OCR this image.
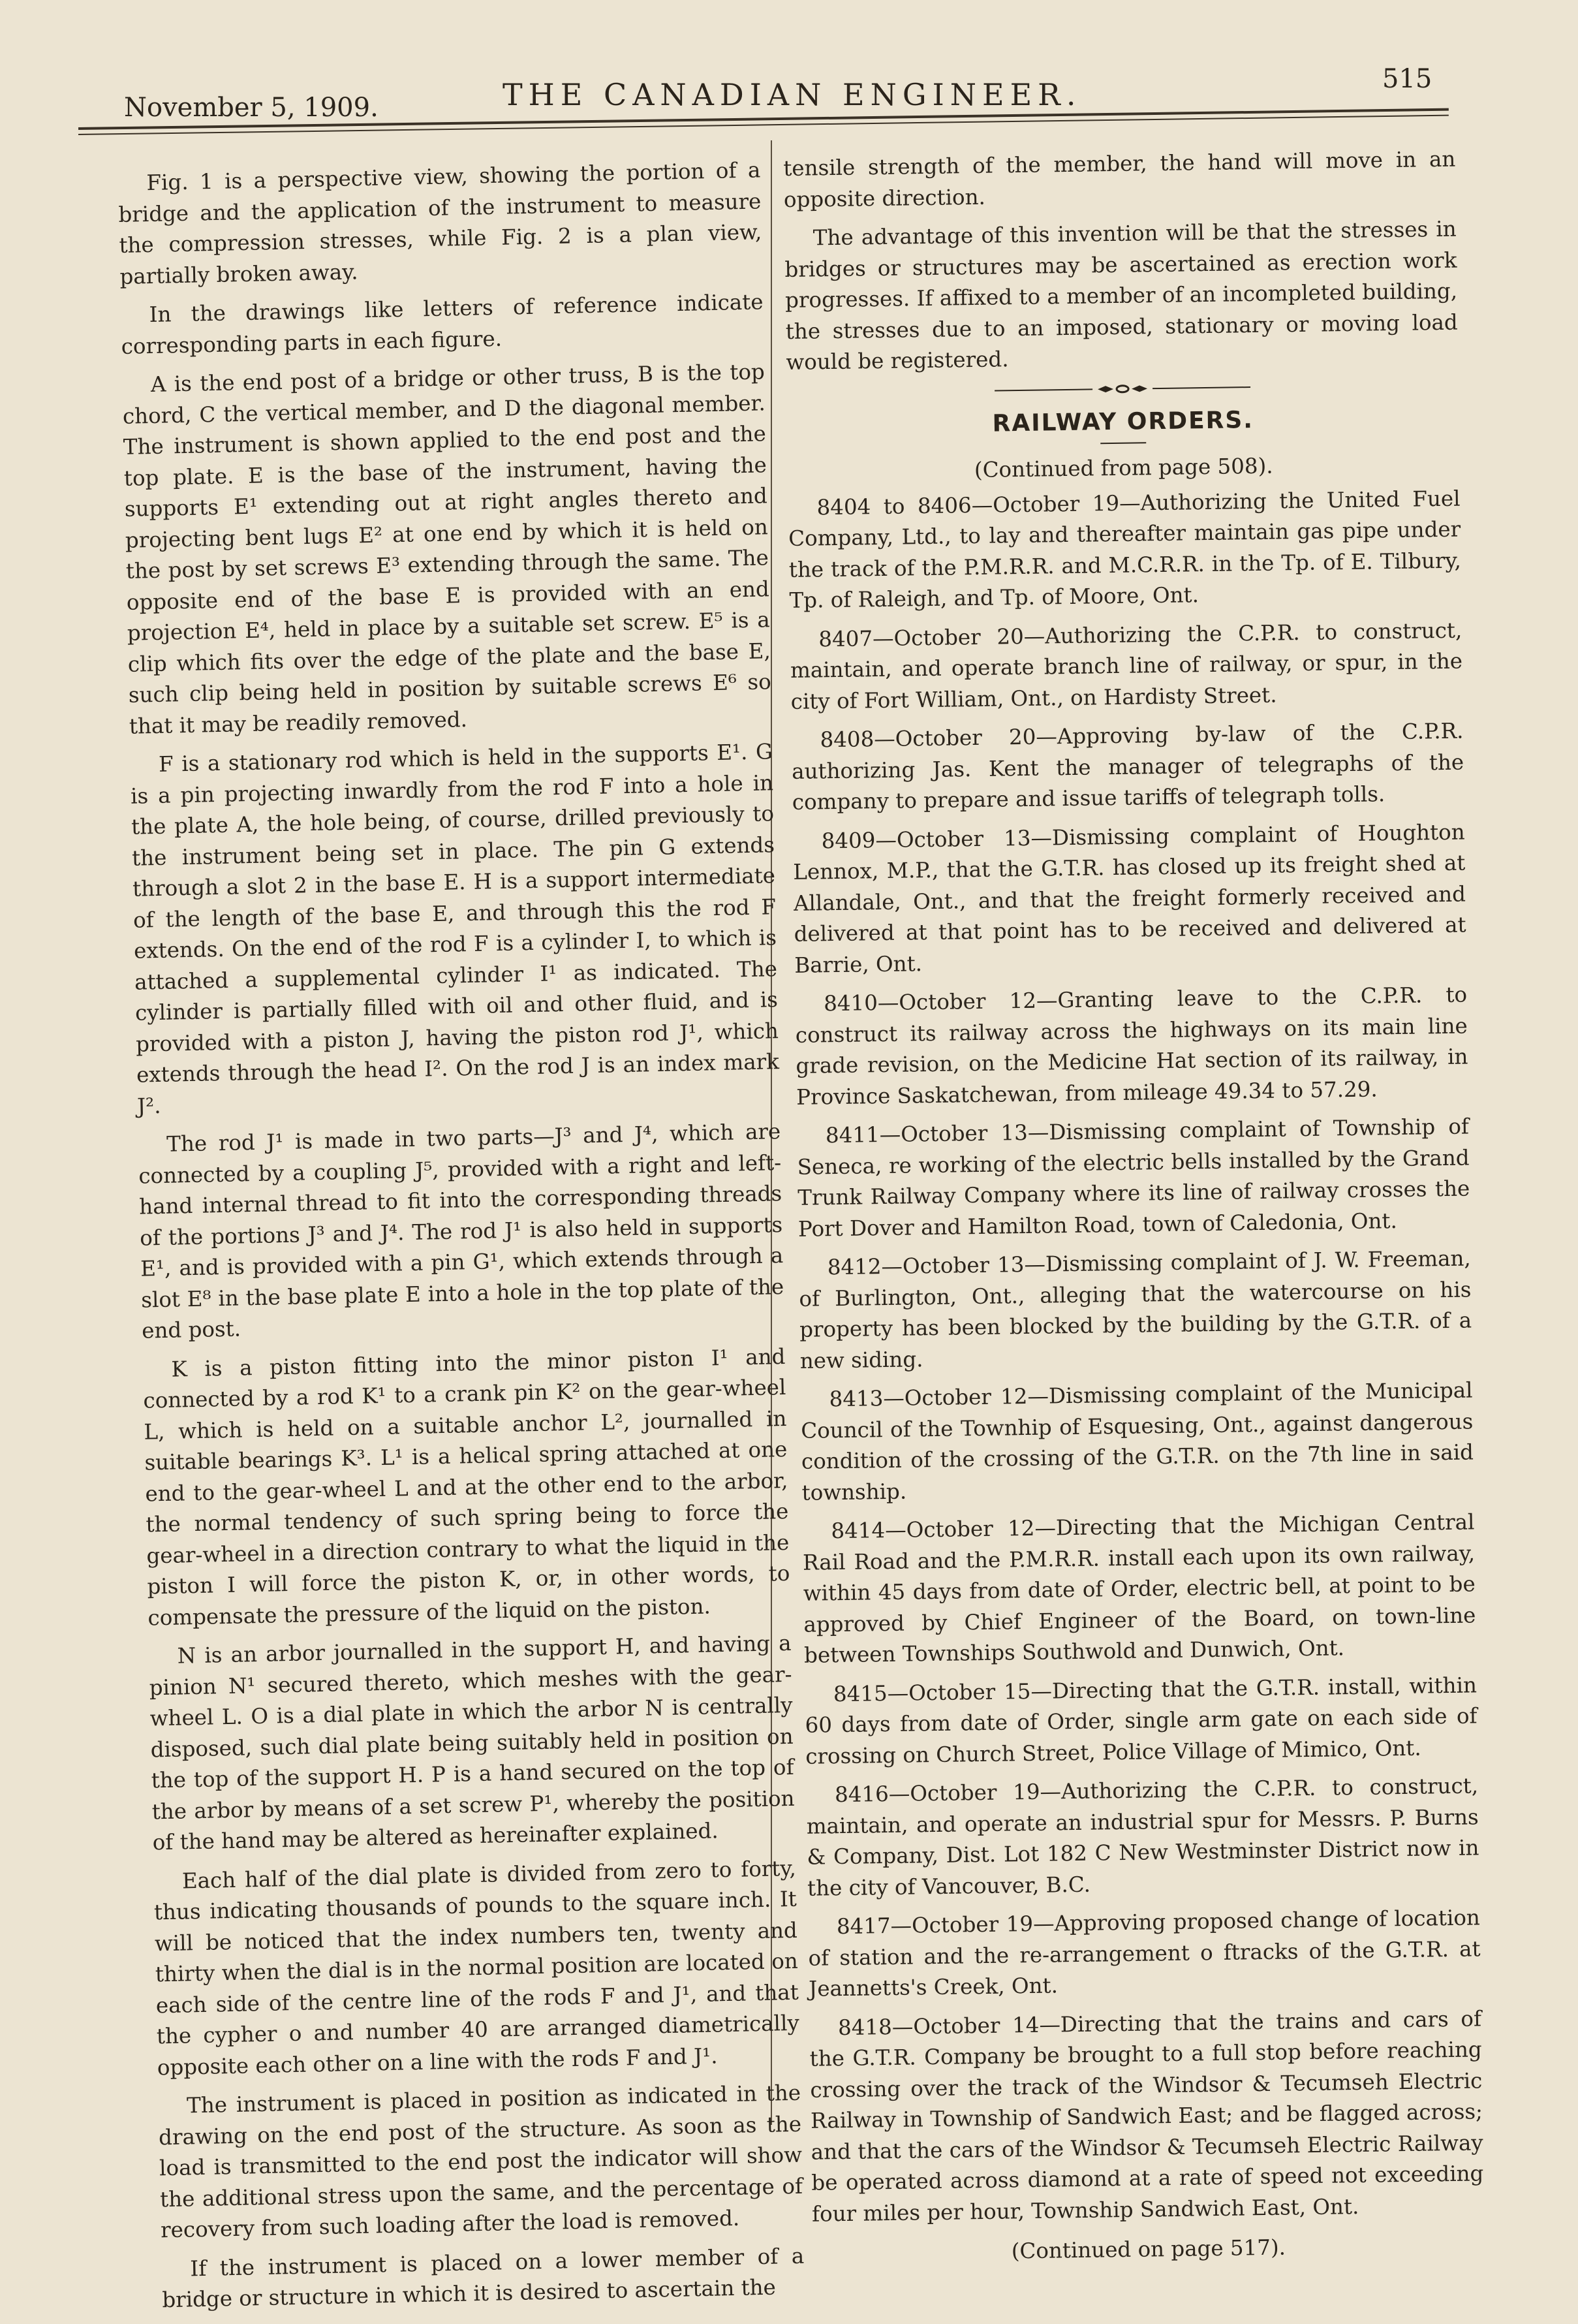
November 5, 1909.	THE CANADIAN ENGINEER.	515

Fig. 1 is a perspective view, showing the portion of a bridge and the application of the instrument to measure the compression stresses, while Fig. 2 is a plan view, partially broken away.

In the drawings like letters of reference indicate corresponding parts in each figure.

A is the end post of a bridge or other truss, B is the top chord, C the vertical member, and D the diagonal member. The instrument is shown applied to the end post and the top plate. E is the base of the instrument, having the supports E¹ extending out at right angles thereto and projecting bent lugs E² at one end by which it is held on the post by set screws E³ extending through the same. The opposite end of the base E is provided with an end projection E⁴, held in place by a suitable set screw. E⁵ is a clip which fits over the edge of the plate and the base E, such clip being held in position by suitable screws E⁶ so that it may be readily removed.

F is a stationary rod which is held in the supports E¹. G is a pin projecting inwardly from the rod F into a hole in the plate A, the hole being, of course, drilled previously to the instrument being set in place. The pin G extends through a slot 2 in the base E. H is a support intermediate of the length of the base E, and through this the rod F extends. On the end of the rod F is a cylinder I, to which is attached a supplemental cylinder I¹ as indicated. The cylinder is partially filled with oil and other fluid, and is provided with a piston J, having the piston rod J¹, which extends through the head I². On the rod J is an index mark J².

The rod J¹ is made in two parts—J³ and J⁴, which are connected by a coupling J⁵, provided with a right and left-hand internal thread to fit into the corresponding threads of the portions J³ and J⁴. The rod J¹ is also held in supports E¹, and is provided with a pin G¹, which extends through a slot E⁸ in the base plate E into a hole in the top plate of the end post.

K is a piston fitting into the minor piston I¹ and connected by a rod K¹ to a crank pin K² on the gear-wheel L, which is held on a suitable anchor L², journalled in suitable bearings K³. L¹ is a helical spring attached at one end to the gear-wheel L and at the other end to the arbor, the normal tendency of such spring being to force the gear-wheel in a direction contrary to what the liquid in the piston I will force the piston K, or, in other words, to compensate the pressure of the liquid on the piston.

N is an arbor journalled in the support H, and having a pinion N¹ secured thereto, which meshes with the gear-wheel L. O is a dial plate in which the arbor N is centrally disposed, such dial plate being suitably held in position on the top of the support H. P is a hand secured on the top of the arbor by means of a set screw P¹, whereby the position of the hand may be altered as hereinafter explained.

Each half of the dial plate is divided from zero to forty, thus indicating thousands of pounds to the square inch. It will be noticed that the index numbers ten, twenty and thirty when the dial is in the normal position are located on each side of the centre line of the rods F and J¹, and that the cypher o and number 40 are arranged diametrically opposite each other on a line with the rods F and J¹.

The instrument is placed in position as indicated in the drawing on the end post of the structure. As soon as the load is transmitted to the end post the indicator will show the additional stress upon the same, and the percentage of recovery from such loading after the load is removed.

If the instrument is placed on a lower member of a bridge or structure in which it is desired to ascertain the

tensile strength of the member, the hand will move in an opposite direction.

The advantage of this invention will be that the stresses in bridges or structures may be ascertained as erection work progresses. If affixed to a member of an incompleted building, the stresses due to an imposed, stationary or moving load would be registered.

RAILWAY ORDERS.

(Continued from page 508).

8404 to 8406—October 19—Authorizing the United Fuel Company, Ltd., to lay and thereafter maintain gas pipe under the track of the P.M.R.R. and M.C.R.R. in the Tp. of E. Tilbury, Tp. of Raleigh, and Tp. of Moore, Ont.

8407—October 20—Authorizing the C.P.R. to construct, maintain, and operate branch line of railway, or spur, in the city of Fort William, Ont., on Hardisty Street.

8408—October 20—Approving by-law of the C.P.R. authorizing Jas. Kent the manager of telegraphs of the company to prepare and issue tariffs of telegraph tolls.

8409—October 13—Dismissing complaint of Houghton Lennox, M.P., that the G.T.R. has closed up its freight shed at Allandale, Ont., and that the freight formerly received and delivered at that point has to be received and delivered at Barrie, Ont.

8410—October 12—Granting leave to the C.P.R. to construct its railway across the highways on its main line grade revision, on the Medicine Hat section of its railway, in Province Saskatchewan, from mileage 49.34 to 57.29.

8411—October 13—Dismissing complaint of Township of Seneca, re working of the electric bells installed by the Grand Trunk Railway Company where its line of railway crosses the Port Dover and Hamilton Road, town of Caledonia, Ont.

8412—October 13—Dismissing complaint of J. W. Freeman, of Burlington, Ont., alleging that the watercourse on his property has been blocked by the building by the G.T.R. of a new siding.

8413—October 12—Dismissing complaint of the Municipal Council of the Townhip of Esquesing, Ont., against dangerous condition of the crossing of the G.T.R. on the 7th line in said township.

8414—October 12—Directing that the Michigan Central Rail Road and the P.M.R.R. install each upon its own railway, within 45 days from date of Order, electric bell, at point to be approved by Chief Engineer of the Board, on town-line between Townships Southwold and Dunwich, Ont.

8415—October 15—Directing that the G.T.R. install, within 60 days from date of Order, single arm gate on each side of crossing on Church Street, Police Village of Mimico, Ont.

8416—October 19—Authorizing the C.P.R. to construct, maintain, and operate an industrial spur for Messrs. P. Burns & Company, Dist. Lot 182 C New Westminster District now in the city of Vancouver, B.C.

8417—October 19—Approving proposed change of location of station and the re-arrangement o ftracks of the G.T.R. at Jeannetts's Creek, Ont.

8418—October 14—Directing that the trains and cars of the G.T.R. Company be brought to a full stop before reaching crossing over the track of the Windsor & Tecumseh Electric Railway in Township of Sandwich East; and be flagged across; and that the cars of the Windsor & Tecumseh Electric Railway be operated across diamond at a rate of speed not exceeding four miles per hour, Township Sandwich East, Ont.

(Continued on page 517).
